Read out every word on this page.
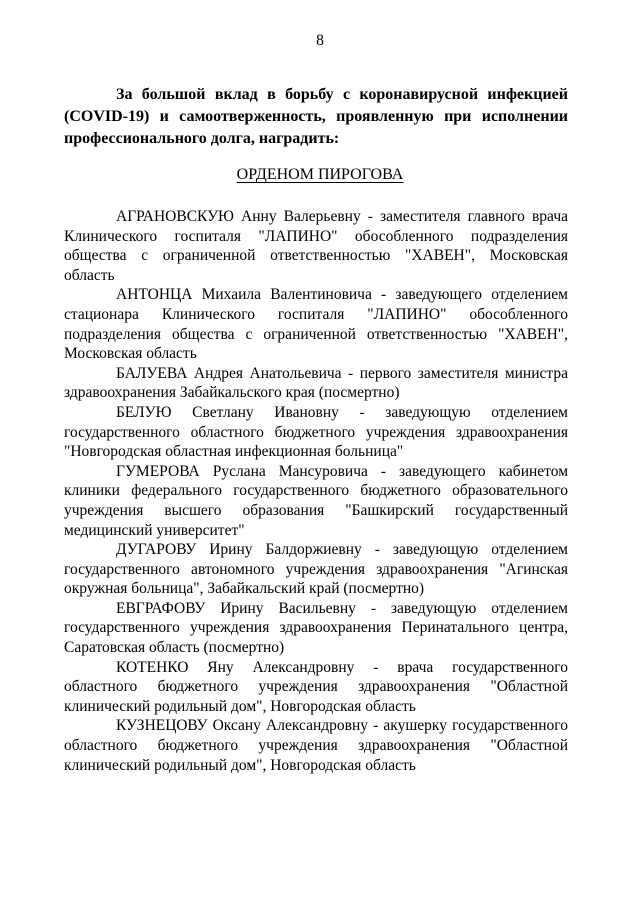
8
За большой вклад в борьбу с коронавирусной инфекцией (COVID-19) и самоотверженность, проявленную при исполнении профессионального долга, наградить:
ОРДЕНОМ ПИРОГОВА

АГРАНОВСКУЮ Анну Валерьевну - заместителя главного врача Клинического госпиталя "ЛАПИНО" обособленного подразделения общества с ограниченной ответственностью "ХАВЕН", Московская область

АНТОНЦА Михаила Валентиновича - заведующего отделением стационара Клинического госпиталя "ЛАПИНО" обособленного подразделения общества с ограниченной ответственностью "ХАВЕН", Московская область

БАЛУЕВА Андрея Анатольевича - первого заместителя министра здравоохранения Забайкальского края (посмертно)

БЕЛУЮ Светлану Ивановну - заведующую отделением государственного областного бюджетного учреждения здравоохранения "Новгородская областная инфекционная больница"

ГУМЕРОВА Руслана Мансуровича - заведующего кабинетом клиники федерального государственного бюджетного образовательного учреждения высшего образования "Башкирский государственный медицинский университет"

ДУГАРОВУ Ирину Балдоржиевну - заведующую отделением государственного автономного учреждения здравоохранения "Агинская окружная больница", Забайкальский край (посмертно)

ЕВГРАФОВУ Ирину Васильевну - заведующую отделением государственного учреждения здравоохранения Перинатального центра, Саратовская область (посмертно)

КОТЕНКО Яну Александровну - врача государственного областного бюджетного учреждения здравоохранения "Областной клинический родильный дом", Новгородская область

КУЗНЕЦОВУ Оксану Александровну - акушерку государственного областного бюджетного учреждения здравоохранения "Областной клинический родильный дом", Новгородская область
